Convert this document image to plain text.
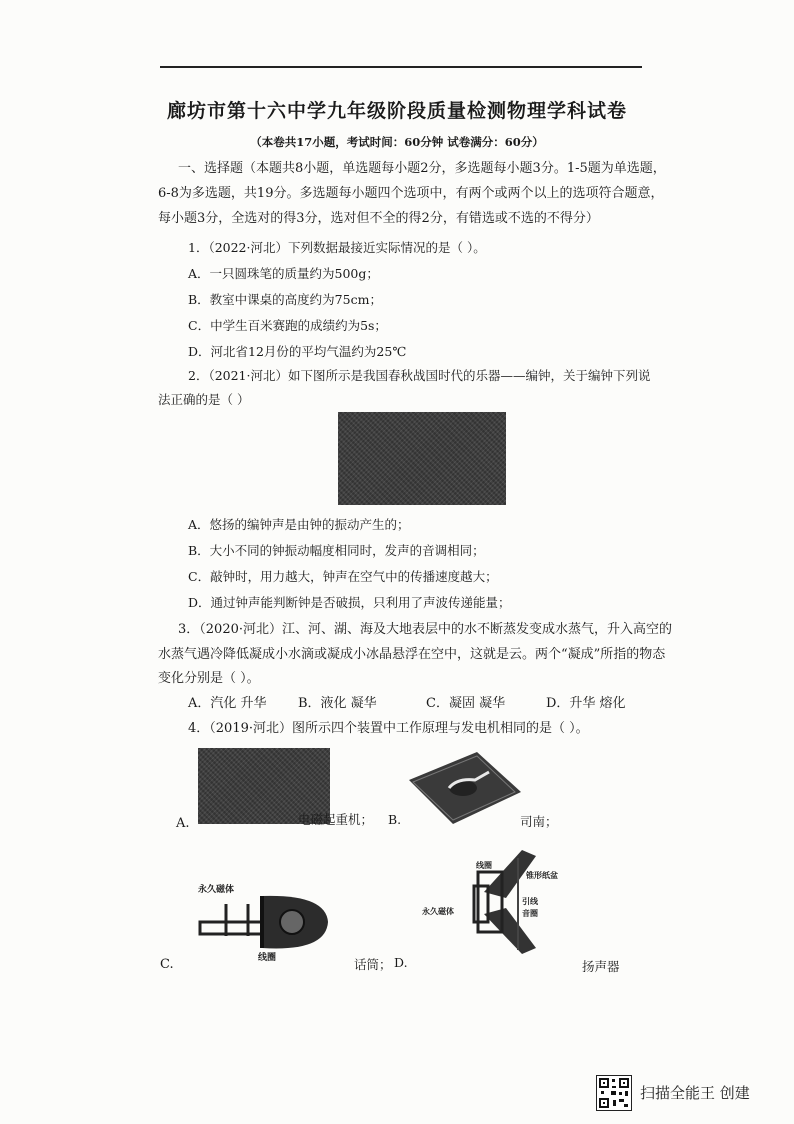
廊坊市第十六中学九年级阶段质量检测物理学科试卷
（本卷共17小题，考试时间：60分钟 试卷满分：60分）
一、选择题（本题共8小题，单选题每小题2分，多选题每小题3分。1-5题为单选题，
6-8为多选题，共19分。多选题每小题四个选项中，有两个或两个以上的选项符合题意，
每小题3分，全选对的得3分，选对但不全的得2分，有错选或不选的不得分）
1．（2022·河北）下列数据最接近实际情况的是（ ）。
A．一只圆珠笔的质量约为500g；
B．教室中课桌的高度约为75cm；
C．中学生百米赛跑的成绩约为5s；
D．河北省12月份的平均气温约为25℃
2．（2021·河北）如下图所示是我国春秋战国时代的乐器——编钟，关于编钟下列说
法正确的是（ ）
A．悠扬的编钟声是由钟的振动产生的；
B．大小不同的钟振动幅度相同时，发声的音调相同；
C．敲钟时，用力越大，钟声在空气中的传播速度越大；
D．通过钟声能判断钟是否破损，只利用了声波传递能量；
3．（2020·河北）江、河、湖、海及大地表层中的水不断蒸发变成水蒸气，升入高空的
水蒸气遇冷降低凝成小水滴或凝成小冰晶悬浮在空中，这就是云。两个“凝成”所指的物态
变化分别是（ ）。
A．汽化 升华 B．液化 凝华	C．凝固 凝华	D．升华 熔化
4．（2019·河北）图所示四个装置中工作原理与发电机相同的是（ ）。
A.	电磁起重机； B.	司南；
永久磁体
线圈
C.	话筒； D.
线圈
锥形纸盆
永久磁体
引线
音圈
扬声器
扫描全能王 创建
